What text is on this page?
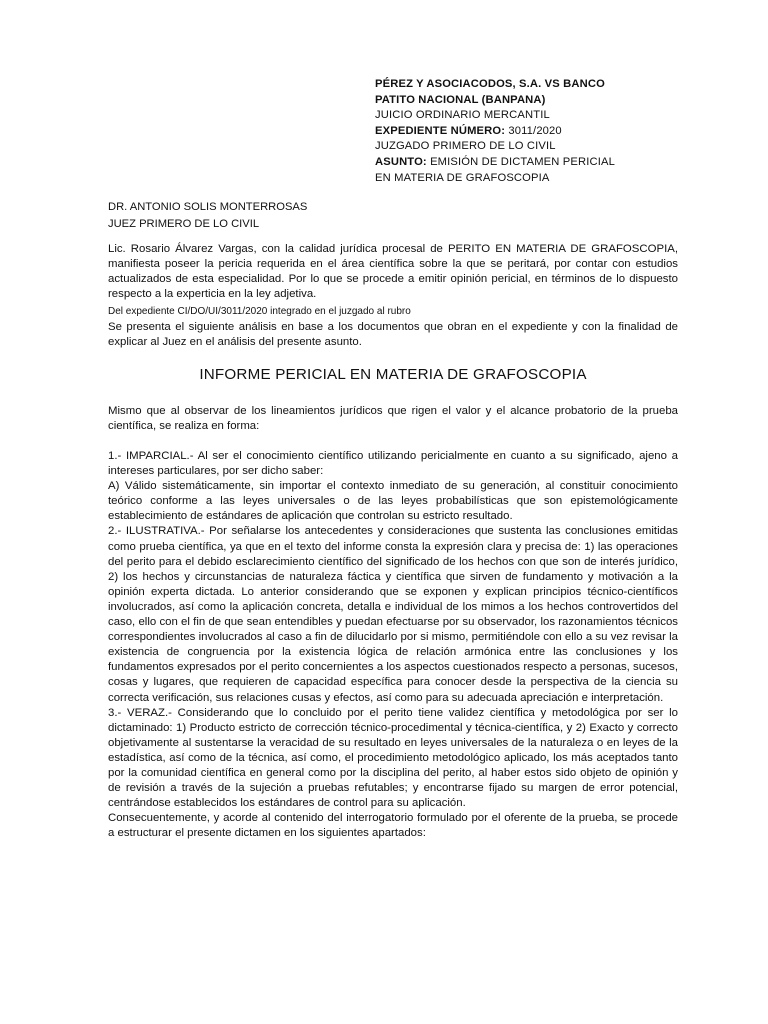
PÉREZ Y ASOCIACODOS, S.A. VS BANCO
PATITO NACIONAL (BANPANA)
JUICIO ORDINARIO MERCANTIL
EXPEDIENTE NÚMERO: 3011/2020
JUZGADO PRIMERO DE LO CIVIL
ASUNTO: EMISIÓN DE DICTAMEN PERICIAL
EN MATERIA DE GRAFOSCOPIA
DR. ANTONIO SOLIS MONTERROSAS
JUEZ PRIMERO DE LO CIVIL

Lic. Rosario Álvarez Vargas, con la calidad jurídica procesal de PERITO EN MATERIA DE GRAFOSCOPIA, manifiesta poseer la pericia requerida en el área científica sobre la que se peritará, por contar con estudios actualizados de esta especialidad. Por lo que se procede a emitir opinión pericial, en términos de lo dispuesto respecto a la experticia en la ley adjetiva.

Del expediente CI/DO/UI/3011/2020 integrado en el juzgado al rubro

Se presenta el siguiente análisis en base a los documentos que obran en el expediente y con la finalidad de explicar al Juez en el análisis del presente asunto.

INFORME PERICIAL EN MATERIA DE GRAFOSCOPIA

Mismo que al observar de los lineamientos jurídicos que rigen el valor y el alcance probatorio de la prueba científica, se realiza en forma:

1.- IMPARCIAL.- Al ser el conocimiento científico utilizando pericialmente en cuanto a su significado, ajeno a intereses particulares, por ser dicho saber:

A) Válido sistemáticamente, sin importar el contexto inmediato de su generación, al constituir conocimiento teórico conforme a las leyes universales o de las leyes probabilísticas que son epistemológicamente establecimiento de estándares de aplicación que controlan su estricto resultado.

2.- ILUSTRATIVA.- Por señalarse los antecedentes y consideraciones que sustenta las conclusiones emitidas como prueba científica, ya que en el texto del informe consta la expresión clara y precisa de: 1) las operaciones del perito para el debido esclarecimiento científico del significado de los hechos con que son de interés jurídico, 2) los hechos y circunstancias de naturaleza fáctica y científica que sirven de fundamento y motivación a la opinión experta dictada. Lo anterior considerando que se exponen y explican principios técnico-científicos involucrados, así como la aplicación concreta, detalla e individual de los mimos a los hechos controvertidos del caso, ello con el fin de que sean entendibles y puedan efectuarse por su observador, los razonamientos técnicos correspondientes involucrados al caso a fin de dilucidarlo por si mismo, permitiéndole con ello a su vez revisar la existencia de congruencia por la existencia lógica de relación armónica entre las conclusiones y los fundamentos expresados por el perito concernientes a los aspectos cuestionados respecto a personas, sucesos, cosas y lugares, que requieren de capacidad específica para conocer desde la perspectiva de la ciencia su correcta verificación, sus relaciones cusas y efectos, así como para su adecuada apreciación e interpretación.

3.- VERAZ.- Considerando que lo concluido por el perito tiene validez científica y metodológica por ser lo dictaminado: 1) Producto estricto de corrección técnico-procedimental y técnica-científica, y 2) Exacto y correcto objetivamente al sustentarse la veracidad de su resultado en leyes universales de la naturaleza o en leyes de la estadística, así como de la técnica, así como, el procedimiento metodológico aplicado, los más aceptados tanto por la comunidad científica en general como por la disciplina del perito, al haber estos sido objeto de opinión y de revisión a través de la sujeción a pruebas refutables; y encontrarse fijado su margen de error potencial, centrándose establecidos los estándares de control para su aplicación.

Consecuentemente, y acorde al contenido del interrogatorio formulado por el oferente de la prueba, se procede a estructurar el presente dictamen en los siguientes apartados:
